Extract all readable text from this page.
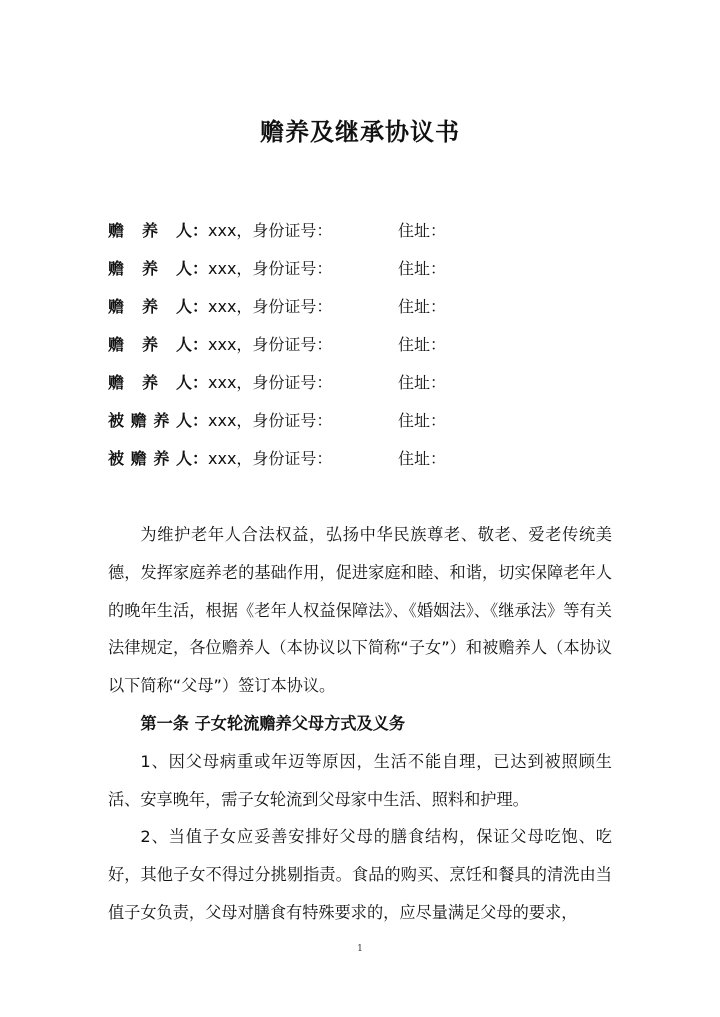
赡养及继承协议书
赡 养 人：xxx，身份证号：	住址：
赡 养 人：xxx，身份证号：	住址：
赡 养 人：xxx，身份证号：	住址：
赡 养 人：xxx，身份证号：	住址：
赡 养 人：xxx，身份证号：	住址：
被赡养人：xxx，身份证号：	住址：
被赡养人：xxx，身份证号：	住址：

为维护老年人合法权益，弘扬中华民族尊老、敬老、爱老传统美德，发挥家庭养老的基础作用，促进家庭和睦、和谐，切实保障老年人的晚年生活，根据《老年人权益保障法》、《婚姻法》、《继承法》等有关法律规定，各位赡养人（本协议以下简称“子女”）和被赡养人（本协议以下简称“父母”）签订本协议。

第一条 子女轮流赡养父母方式及义务

1、因父母病重或年迈等原因，生活不能自理，已达到被照顾生活、安享晚年，需子女轮流到父母家中生活、照料和护理。

2、当值子女应妥善安排好父母的膳食结构，保证父母吃饱、吃好，其他子女不得过分挑剔指责。食品的购买、烹饪和餐具的清洗由当值子女负责，父母对膳食有特殊要求的，应尽量满足父母的要求，

1
